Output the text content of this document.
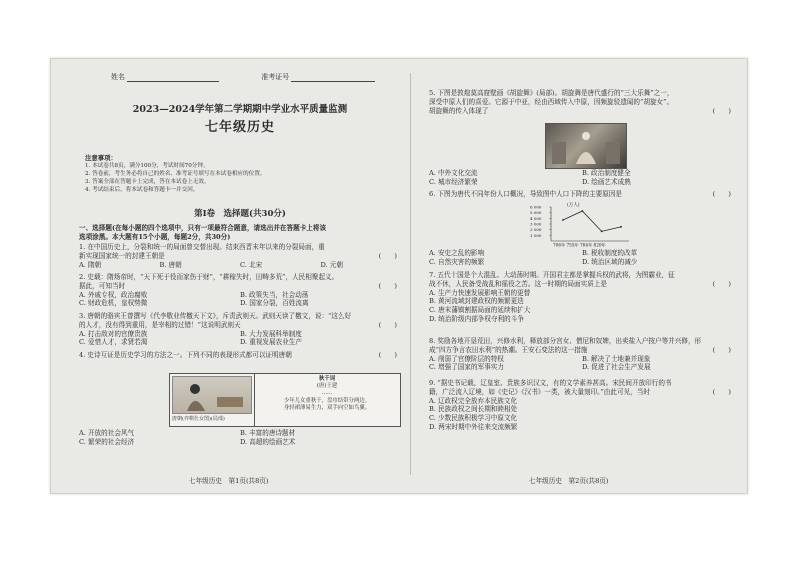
姓名	准考证号
2023—2024学年第二学期期中学业水平质量监测
七年级历史
注意事项：
1. 本试卷共8页，满分100分，考试时间70分钟。
2. 答卷前，考生务必将自己的姓名、准考证号填写在本试卷相应的位置。
3. 答案全部在答题卡上完成，答在本试卷上无效。
4. 考试结束后，将本试卷和答题卡一并交回。
第Ⅰ卷　选择题(共30分)
一、选择题(在每小题的四个选项中，只有一项最符合题意，请选出并在答题卡上将该
选项涂黑。本大题有15个小题，每题2分，共30分)
1. 在中国历史上，分裂和统一的局面曾交替出现。结束西晋末年以来的分裂局面，重
新实现国家统一的封建王朝是	(　　)
A. 隋朝	B. 唐朝	C. 北宋	D. 元朝
2. 史载：隋炀帝时，“天下死于役而家伤于财”，“耕稼失时，田畴多荒”，人民相聚起义。
据此，可知当时	(　　)
A. 外戚专权，政治腐败	B. 政策失当，社会动荡
C. 财政危机，皇权势微	D. 国家分裂，百姓流离
3. 唐朝的骆宾王曾撰写《代李敬业传檄天下文》，斥责武则天。武则天读了檄文，说：“这么好
的人才，没有得到重用，是宰相的过错！”这说明武则天	(　　)
A. 打击敌对的官僚贵族	B. 大力发展科举制度
C. 爱惜人才，求贤若渴	D. 重视发展农业生产
4. 史诗互证是历史学习的方法之一。下列不同的表现形式都可以证明唐朝	(　　)
唐朝(弈棋仕女图)(局部)
秋千词
(唐)王建
……
少年儿女重秋千，盘巾结带分两边。
身轻裙薄易生力，双手向空如鸟翼。
A. 开放的社会风气	B. 丰富的唐诗题材
C. 繁荣的社会经济	D. 高超的绘画艺术
七年级历史　第1页(共8页)
5. 下图是敦煌莫高窟壁画《胡旋舞》(局部)。胡旋舞是唐代盛行的“三大乐舞”之一，
深受中原人们的喜爱。它源于中亚，经由西域传入中原，因频旋驳遗闻的“胡旋女”。
胡旋舞的传入体现了	(　　)
A. 中外文化交流	B. 政治制度健全
C. 城市经济繁荣	D. 绘画艺术成熟
6. 下图为唐代不同年份人口概况，导致图中人口下降的主要原因是	(　　)
(万人)
6 000
5 000
4 000
3 000
2 000
1 000
706年 755年 764年 820年
A. 安史之乱的影响	B. 税收制度的改革
C. 自然灾害的频繁	D. 统治区域的减少
7. 五代十国是个大混乱、大动荡时期。开国君主都是掌握兵权的武将，为图霸业，征
战不休，人民备受战乱和徭役之苦。这一时期的局面实质上是	(　　)
A. 生产力快速发展影响王朝的更替
B. 黄河流域封建政权的频繁更迭
C. 唐末藩镇割据局面的延续和扩大
D. 统治阶级内部争权夺利的斗争
8. 奖励各地开垦荒田，兴修水利，释放部分宫女、僧尼和奴婢，出卖盐入户按户等并兴修，形
成“四方争言农田水利”的热潮。王安石变法的这一措施	(　　)
A. 削弱了官僚阶层的特权	B. 解决了土地兼并现象
C. 增强了国家的军事实力	D. 促进了社会生产发展
9. “据史书记载，辽皇室、贵族多识汉文，有的文学素养甚高。宋民间开放印行的书
籍，广泛流入辽境，如《史记》《汉书》一类，被大量刻印。”由此可见，当时	(　　)
A. 辽政权完全放弃本民族文化
B. 民族政权之间长期和睦相处
C. 少数民族积极学习中原文化
D. 两宋时期中外往来交流频繁
七年级历史　第2页(共8页)
